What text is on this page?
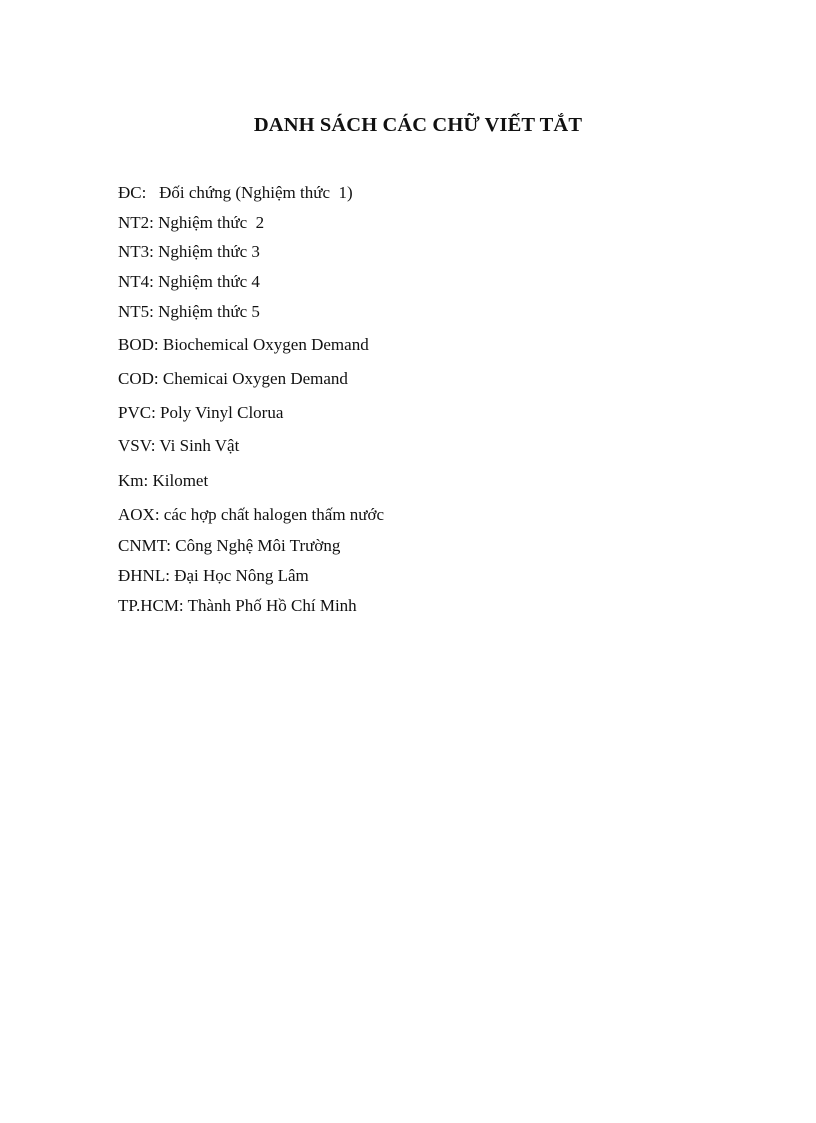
DANH SÁCH CÁC CHỮ VIẾT TẮT
ĐC:   Đối chứng (Nghiệm thức  1)
NT2: Nghiệm thức  2
NT3: Nghiệm thức 3
NT4: Nghiệm thức 4
NT5: Nghiệm thức 5
BOD: Biochemical Oxygen Demand
COD: Chemicai Oxygen Demand
PVC: Poly Vinyl Clorua
VSV: Vi Sinh Vật
Km: Kilomet
AOX: các hợp chất halogen thấm nước
CNMT: Công Nghệ Môi Trường
ĐHNL: Đại Học Nông Lâm
TP.HCM: Thành Phố Hồ Chí Minh
